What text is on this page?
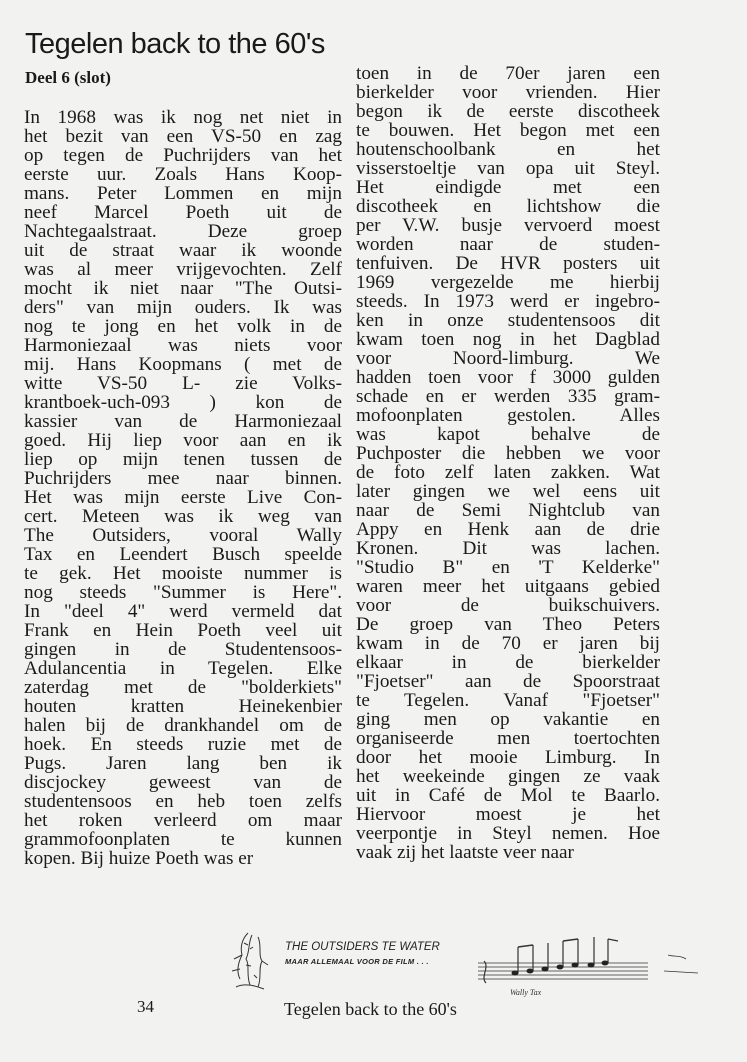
Tegelen back to the 60's
Deel 6 (slot)
In 1968 was ik nog net niet in
het bezit van een VS-50 en zag
op tegen de Puchrijders van het
eerste uur. Zoals Hans Koop-
mans. Peter Lommen en mijn
neef Marcel Poeth uit de
Nachtegaalstraat. Deze groep
uit de straat waar ik woonde
was al meer vrijgevochten. Zelf
mocht ik niet naar "The Outsi-
ders" van mijn ouders. Ik was
nog te jong en het volk in de
Harmoniezaal was niets voor
mij. Hans Koopmans ( met de
witte VS-50 L- zie Volks-
krantboek-uch-093 ) kon de
kassier van de Harmoniezaal
goed. Hij liep voor aan en ik
liep op mijn tenen tussen de
Puchrijders mee naar binnen.
Het was mijn eerste Live Con-
cert. Meteen was ik weg van
The Outsiders, vooral Wally
Tax en Leendert Busch speelde
te gek. Het mooiste nummer is
nog steeds "Summer is Here".
In "deel 4" werd vermeld dat
Frank en Hein Poeth veel uit
gingen in de Studentensoos-
Adulancentia in Tegelen. Elke
zaterdag met de "bolderkiets"
houten kratten Heinekenbier
halen bij de drankhandel om de
hoek. En steeds ruzie met de
Pugs. Jaren lang ben ik
discjockey geweest van de
studentensoos en heb toen zelfs
het roken verleerd om maar
grammofoonplaten te kunnen
kopen. Bij huize Poeth was er
toen in de 70er jaren een
bierkelder voor vrienden. Hier
begon ik de eerste discotheek
te bouwen. Het begon met een
houtenschoolbank en het
visserstoeltje van opa uit Steyl.
Het eindigde met een
discotheek en lichtshow die
per V.W. busje vervoerd moest
worden naar de studen-
tenfuiven. De HVR posters uit
1969 vergezelde me hierbij
steeds. In 1973 werd er ingebro-
ken in onze studentensoos dit
kwam toen nog in het Dagblad
voor Noord-limburg. We
hadden toen voor f 3000 gulden
schade en er werden 335 gram-
mofoonplaten gestolen. Alles
was kapot behalve de
Puchposter die hebben we voor
de foto zelf laten zakken. Wat
later gingen we wel eens uit
naar de Semi Nightclub van
Appy en Henk aan de drie
Kronen. Dit was lachen.
"Studio B" en 'T Kelderke"
waren meer het uitgaans gebied
voor de buikschuivers.
De groep van Theo Peters
kwam in de 70 er jaren bij
elkaar in de bierkelder
"Fjoetser" aan de Spoorstraat
te Tegelen. Vanaf "Fjoetser"
ging men op vakantie en
organiseerde men toertochten
door het mooie Limburg. In
het weekeinde gingen ze vaak
uit in Café de Mol te Baarlo.
Hiervoor moest je het
veerpontje in Steyl nemen. Hoe
vaak zij het laatste veer naar
Wally Tax
THE OUTSIDERS TE WATER
MAAR ALLEMAAL VOOR DE FILM . . .
34	Tegelen back to the 60's
